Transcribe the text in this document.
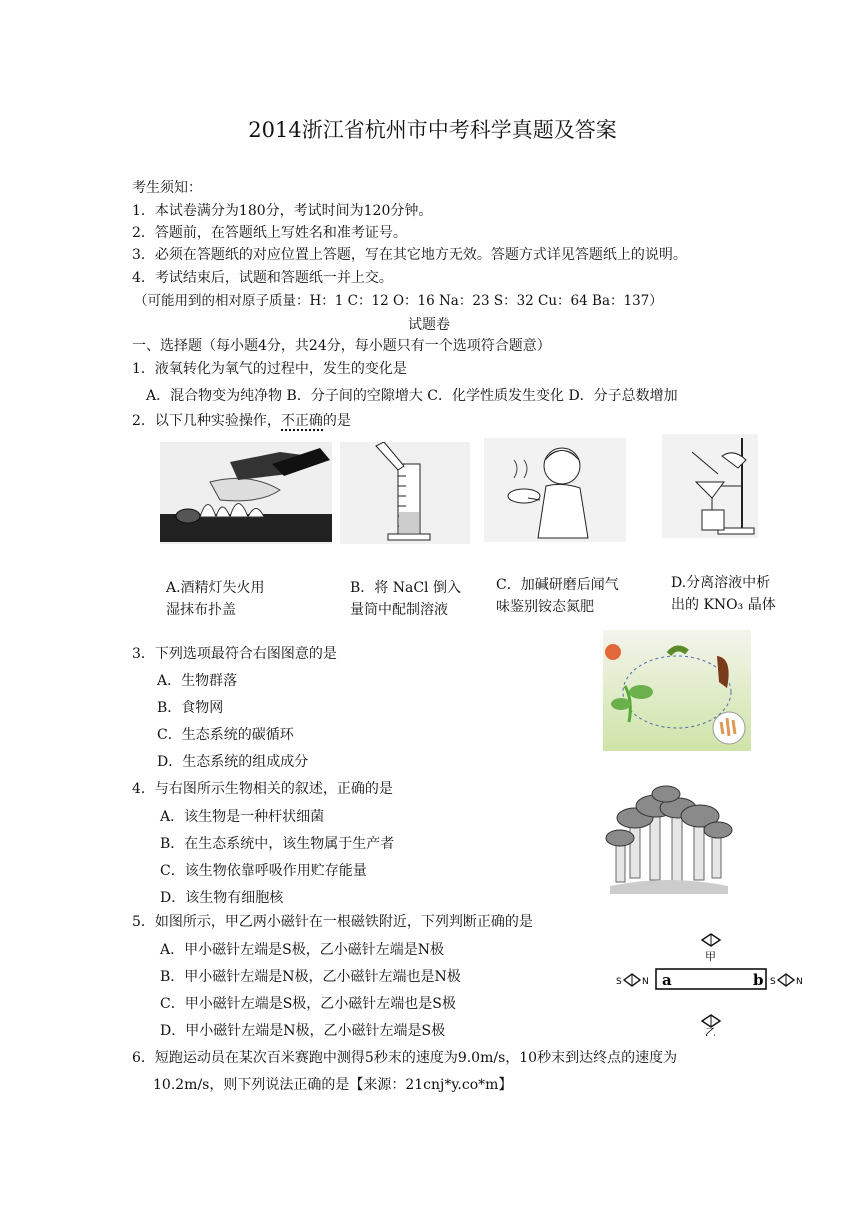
2014浙江省杭州市中考科学真题及答案
考生须知：
1．本试卷满分为180分，考试时间为120分钟。
2．答题前，在答题纸上写姓名和准考证号。
3．必须在答题纸的对应位置上答题，写在其它地方无效。答题方式详见答题纸上的说明。
4．考试结束后，试题和答题纸一并上交。
（可能用到的相对原子质量：H：1 C：12 O：16 Na：23 S：32 Cu：64 Ba：137）
试题卷
一、选择题（每小题4分，共24分，每小题只有一个选项符合题意）
1．液氧转化为氧气的过程中，发生的变化是
A．混合物变为纯净物 B．分子间的空隙增大 C．化学性质发生变化 D．分子总数增加
2．以下几种实验操作，不正确的是
A.酒精灯失火用
湿抹布扑盖
B．将 NaCl 倒入
量筒中配制溶液
C．加碱研磨后闻气
味鉴别铵态氮肥
D.分离溶液中析
出的 KNO₃ 晶体
3．下列选项最符合右图图意的是
A．生物群落
B．食物网
C．生态系统的碳循环
D．生态系统的组成成分
4．与右图所示生物相关的叙述，正确的是
A．该生物是一种杆状细菌
B．在生态系统中，该生物属于生产者
C．该生物依靠呼吸作用贮存能量
D．该生物有细胞核
5．如图所示，甲乙两小磁针在一根磁铁附近，下列判断正确的是
A．甲小磁针左端是S极，乙小磁针左端是N极
B．甲小磁针左端是N极，乙小磁针左端也是N极
C．甲小磁针左端是S极，乙小磁针左端也是S极
D．甲小磁针左端是N极，乙小磁针左端是S极
甲
乙
a	b
S N	S N
6．短跑运动员在某次百米赛跑中测得5秒末的速度为9.0m/s，10秒末到达终点的速度为
10.2m/s，则下列说法正确的是【来源：21cnj*y.co*m】
